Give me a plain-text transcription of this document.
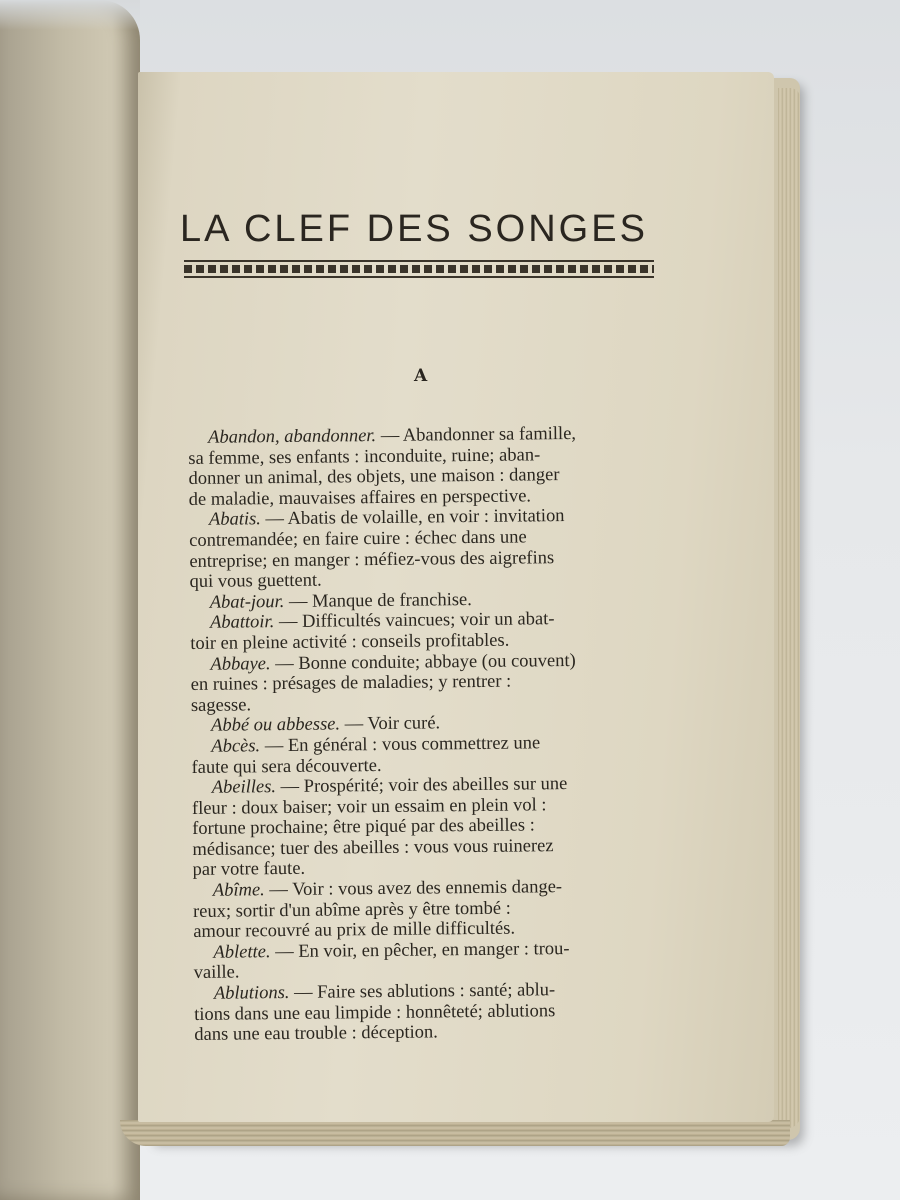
LA CLEF DES SONGES
A

Abandon, abandonner. — Abandonner sa famille,
sa femme, ses enfants : inconduite, ruine; aban-
donner un animal, des objets, une maison : danger
de maladie, mauvaises affaires en perspective.

Abatis. — Abatis de volaille, en voir : invitation
contremandée; en faire cuire : échec dans une
entreprise; en manger : méfiez-vous des aigrefins
qui vous guettent.

Abat-jour. — Manque de franchise.

Abattoir. — Difficultés vaincues; voir un abat-
toir en pleine activité : conseils profitables.

Abbaye. — Bonne conduite; abbaye (ou couvent)
en ruines : présages de maladies; y rentrer :
sagesse.

Abbé ou abbesse. — Voir curé.

Abcès. — En général : vous commettrez une
faute qui sera découverte.

Abeilles. — Prospérité; voir des abeilles sur une
fleur : doux baiser; voir un essaim en plein vol :
fortune prochaine; être piqué par des abeilles :
médisance; tuer des abeilles : vous vous ruinerez
par votre faute.

Abîme. — Voir : vous avez des ennemis dange-
reux; sortir d'un abîme après y être tombé :
amour recouvré au prix de mille difficultés.

Ablette. — En voir, en pêcher, en manger : trou-
vaille.

Ablutions. — Faire ses ablutions : santé; ablu-
tions dans une eau limpide : honnêteté; ablutions
dans une eau trouble : déception.
